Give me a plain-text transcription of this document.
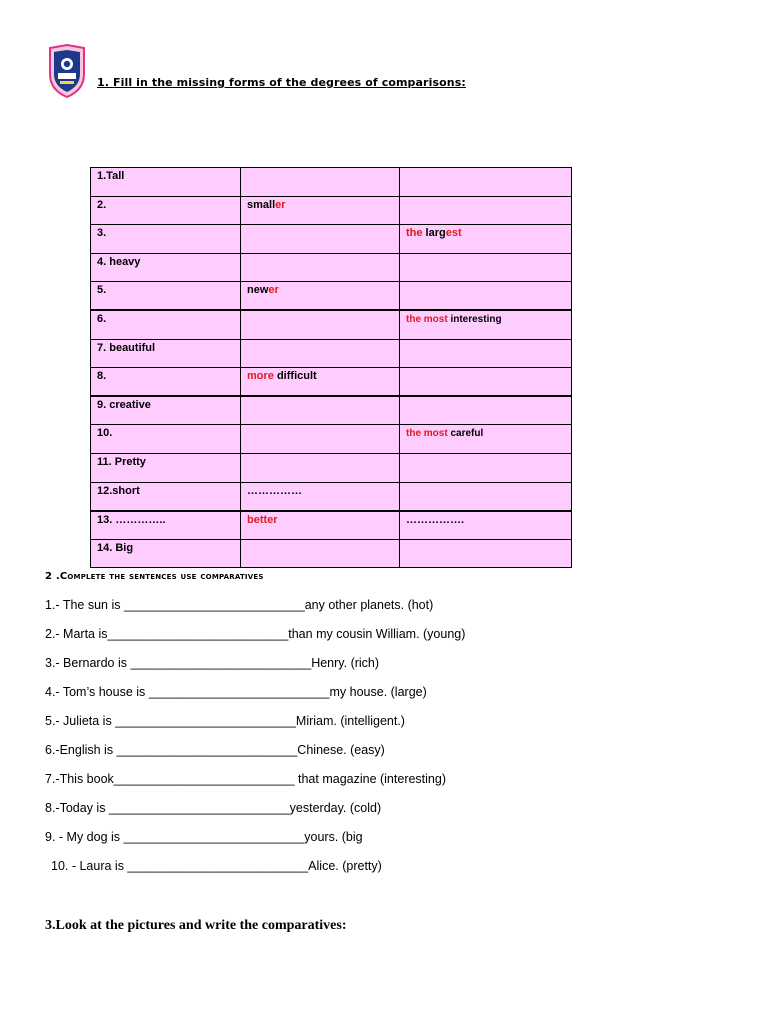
1. Fill in the missing forms of the degrees of comparisons:
1.Tall		
2.	smaller	
3.		the largest
4. heavy		
5.	newer	
6.		the most interesting
7. beautiful		
8.	more difficult	
9. creative		
10.		the most careful
11. Pretty		
12.short	……………	
13. …………..	better	…………….
14. Big		
2 .Complete the sentences use comparatives
1.- The sun is __________________________any other planets. (hot)
2.- Marta is__________________________than my cousin William. (young)
3.- Bernardo is __________________________Henry. (rich)
4.- Tom’s house is __________________________my house. (large)
5.- Julieta is __________________________Miriam. (intelligent.)
6.-English is __________________________Chinese. (easy)
7.-This book__________________________ that magazine (interesting)
8.-Today is __________________________yesterday. (cold)
9. - My dog is __________________________yours. (big
10. - Laura is __________________________Alice. (pretty)
3.Look at the pictures and write the comparatives:
